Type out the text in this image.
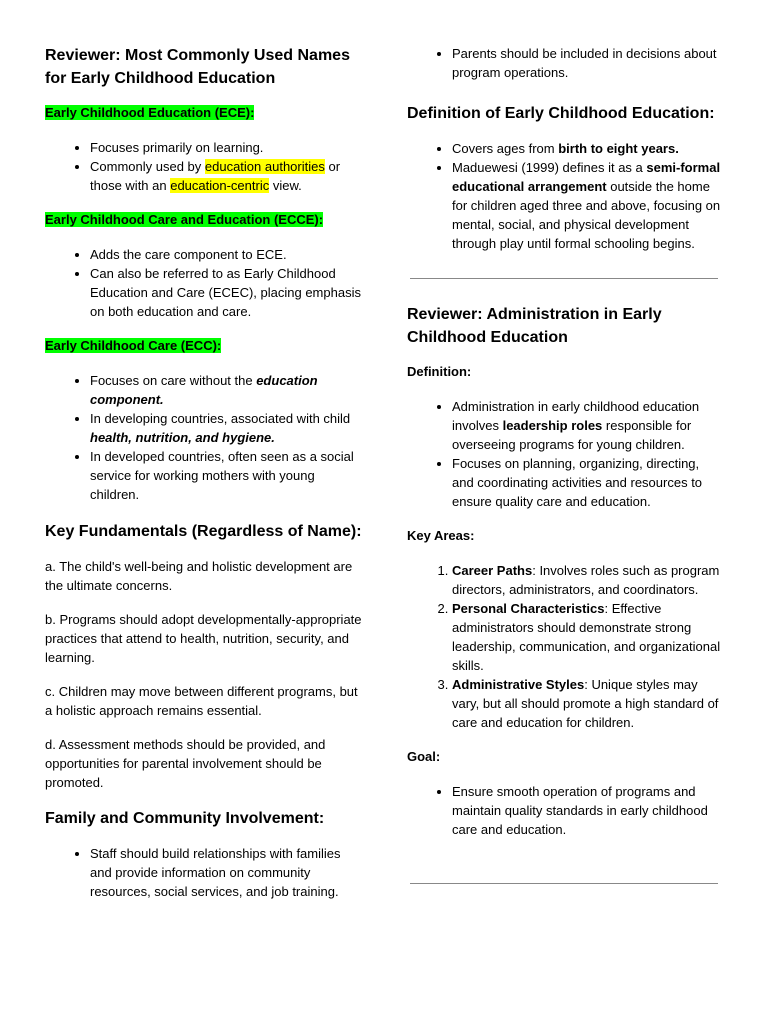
Reviewer: Most Commonly Used Names for Early Childhood Education

Early Childhood Education (ECE):

• Focuses primarily on learning.
• Commonly used by education authorities or those with an education-centric view.

Early Childhood Care and Education (ECCE):

• Adds the care component to ECE.
• Can also be referred to as Early Childhood Education and Care (ECEC), placing emphasis on both education and care.

Early Childhood Care (ECC):

• Focuses on care without the education component.
• In developing countries, associated with child health, nutrition, and hygiene.
• In developed countries, often seen as a social service for working mothers with young children.
Key Fundamentals (Regardless of Name):

a. The child's well-being and holistic development are the ultimate concerns.

b. Programs should adopt developmentally-appropriate practices that attend to health, nutrition, security, and learning.

c. Children may move between different programs, but a holistic approach remains essential.

d. Assessment methods should be provided, and opportunities for parental involvement should be promoted.

Family and Community Involvement:
• Staff should build relationships with families and provide information on community resources, social services, and job training.
• Parents should be included in decisions about program operations.
Definition of Early Childhood Education:
• Covers ages from birth to eight years.
• Maduewesi (1999) defines it as a semi-formal educational arrangement outside the home for children aged three and above, focusing on mental, social, and physical development through play until formal schooling begins.
Reviewer: Administration in Early Childhood Education

Definition:

• Administration in early childhood education involves leadership roles responsible for overseeing programs for young children.
• Focuses on planning, organizing, directing, and coordinating activities and resources to ensure quality care and education.

Key Areas:

1. Career Paths: Involves roles such as program directors, administrators, and coordinators.
2. Personal Characteristics: Effective administrators should demonstrate strong leadership, communication, and organizational skills.
3. Administrative Styles: Unique styles may vary, but all should promote a high standard of care and education for children.

Goal:

• Ensure smooth operation of programs and maintain quality standards in early childhood care and education.
